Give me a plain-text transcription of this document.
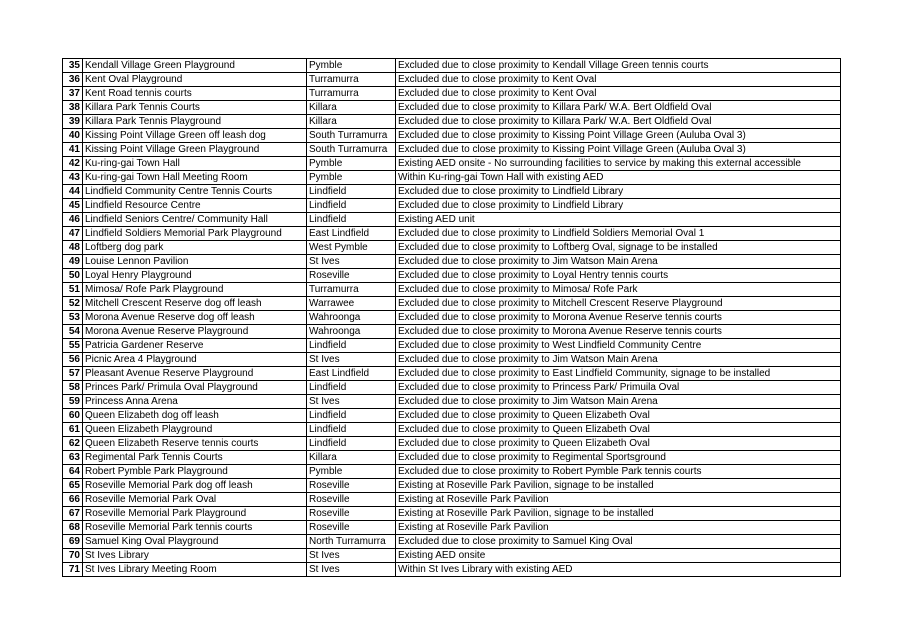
35	Kendall Village Green Playground	Pymble	Excluded due to close proximity to Kendall Village Green tennis courts
36	Kent Oval Playground	Turramurra	Excluded due to close proximity to Kent Oval
37	Kent Road tennis courts	Turramurra	Excluded due to close proximity to Kent Oval
38	Killara Park Tennis Courts	Killara	Excluded due to close proximity to Killara Park/ W.A. Bert Oldfield Oval
39	Killara Park Tennis Playground	Killara	Excluded due to close proximity to Killara Park/ W.A. Bert Oldfield Oval
40	Kissing Point Village Green off leash dog	South Turramurra	Excluded due to close proximity to Kissing Point Village Green (Auluba Oval 3)
41	Kissing Point Village Green Playground	South Turramurra	Excluded due to close proximity to Kissing Point Village Green (Auluba Oval 3)
42	Ku-ring-gai Town Hall	Pymble	Existing AED onsite - No surrounding facilities to service by making this external accessible
43	Ku-ring-gai Town Hall Meeting Room	Pymble	Within Ku-ring-gai Town Hall with existing AED
44	Lindfield Community Centre Tennis Courts	Lindfield	Excluded due to close proximity to Lindfield Library
45	Lindfield Resource Centre	Lindfield	Excluded due to close proximity to Lindfield Library
46	Lindfield Seniors Centre/ Community Hall	Lindfield	Existing AED unit
47	Lindfield Soldiers Memorial Park Playground	East Lindfield	Excluded due to close proximity to Lindfield Soldiers Memorial Oval 1
48	Loftberg dog park	West Pymble	Excluded due to close proximity to Loftberg Oval, signage to be installed
49	Louise Lennon Pavilion	St Ives	Excluded due to close proximity to Jim Watson Main Arena
50	Loyal Henry Playground	Roseville	Excluded due to close proximity to Loyal Hentry tennis courts
51	Mimosa/ Rofe Park Playground	Turramurra	Excluded due to close proximity to Mimosa/ Rofe Park
52	Mitchell Crescent Reserve dog off leash	Warrawee	Excluded due to close proximity to Mitchell Crescent Reserve Playground
53	Morona Avenue Reserve dog off leash	Wahroonga	Excluded due to close proximity to Morona Avenue Reserve tennis courts
54	Morona Avenue Reserve Playground	Wahroonga	Excluded due to close proximity to Morona Avenue Reserve tennis courts
55	Patricia Gardener Reserve	Lindfield	Excluded due to close proximity to West Lindfield Community Centre
56	Picnic Area 4 Playground	St Ives	Excluded due to close proximity to Jim Watson Main Arena
57	Pleasant Avenue Reserve Playground	East Lindfield	Excluded due to close proximity to East Lindfield Community, signage to be installed
58	Princes Park/ Primula Oval Playground	Lindfield	Excluded due to close proximity to Princess Park/ Primuila Oval
59	Princess Anna Arena	St Ives	Excluded due to close proximity to Jim Watson Main Arena
60	Queen Elizabeth dog off leash	Lindfield	Excluded due to close proximity to Queen Elizabeth Oval
61	Queen Elizabeth Playground	Lindfield	Excluded due to close proximity to Queen Elizabeth Oval
62	Queen Elizabeth Reserve tennis courts	Lindfield	Excluded due to close proximity to Queen Elizabeth Oval
63	Regimental Park Tennis Courts	Killara	Excluded due to close proximity to Regimental Sportsground
64	Robert Pymble Park Playground	Pymble	Excluded due to close proximity to Robert Pymble Park tennis courts
65	Roseville Memorial Park dog off leash	Roseville	Existing at Roseville Park Pavilion, signage to be installed
66	Roseville Memorial Park Oval	Roseville	Existing at Roseville Park Pavilion
67	Roseville Memorial Park Playground	Roseville	Existing at Roseville Park Pavilion, signage to be installed
68	Roseville Memorial Park tennis courts	Roseville	Existing at Roseville Park Pavilion
69	Samuel King Oval Playground	North Turramurra	Excluded due to close proximity to Samuel King Oval
70	St Ives Library	St Ives	Existing AED onsite
71	St Ives Library Meeting Room	St Ives	Within St Ives Library with existing AED
